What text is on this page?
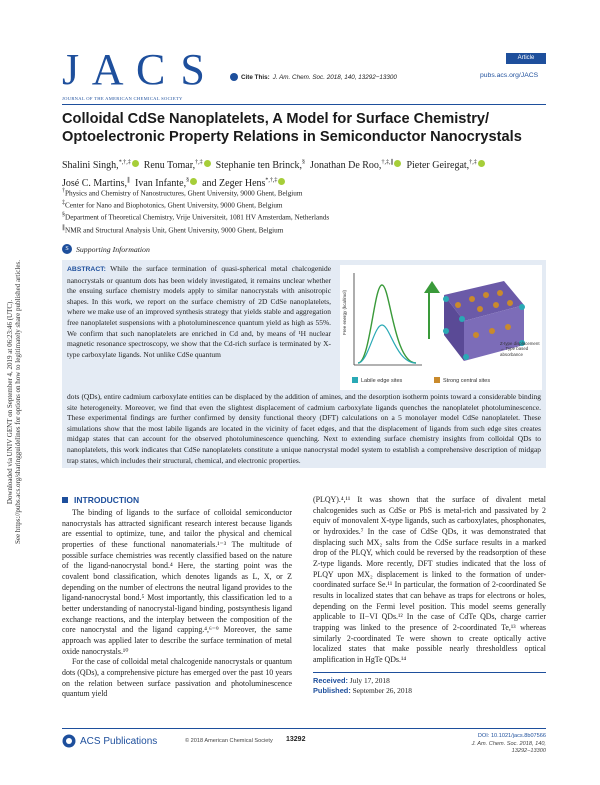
Downloaded via UNIV GENT on September 4, 2019 at 06:23:46 (UTC). See https://pubs.acs.org/sharingguidelines for options on how to legitimately share published articles.
J A C S
JOURNAL OF THE AMERICAN CHEMICAL SOCIETY
Cite This: J. Am. Chem. Soc. 2018, 140, 13292−13300
Article
pubs.acs.org/JACS
Colloidal CdSe Nanoplatelets, A Model for Surface Chemistry/ Optoelectronic Property Relations in Semiconductor Nanocrystals
Shalini Singh,*,†,‡ Renu Tomar,†,‡ Stephanie ten Brinck,§ Jonathan De Roo,†,‡,∥ Pieter Geiregat,†,‡
José C. Martins,∥ Ivan Infante,§ and Zeger Hens*,†,‡
†Physics and Chemistry of Nanostructures, Ghent University, 9000 Ghent, Belgium
‡Center for Nano and Biophotonics, Ghent University, 9000 Ghent, Belgium
§Department of Theoretical Chemistry, Vrije Universiteit, 1081 HV Amsterdam, Netherlands
∥NMR and Structural Analysis Unit, Ghent University, 9000 Ghent, Belgium
S Supporting Information
ABSTRACT: While the surface termination of quasi-spherical metal chalcogenide nanocrystals or quantum dots has been widely investigated, it remains unclear whether the ensuing surface chemistry models apply to similar nanocrystals with anisotropic shapes. In this work, we report on the surface chemistry of 2D CdSe nanoplatelets, where we make use of an improved synthesis strategy that yields stable and aggregation free nanoplatelet suspensions with a photoluminescence quantum yield as high as 55%. We confirm that such nanoplatelets are enriched in Cd and, by means of ¹H nuclear magnetic resonance spectroscopy, we show that the Cd-rich surface is terminated by X-type carboxylate ligands. Not unlike CdSe quantum
dots (QDs), entire cadmium carboxylate entities can be displaced by the addition of amines, and the desorption isotherm points toward a considerable binding site heterogeneity. Moreover, we find that even the slightest displacement of cadmium carboxylate ligands quenches the nanoplatelet photoluminescence. These experimental findings are further confirmed by density functional theory (DFT) calculations on a 5 monolayer model CdSe nanoplatelet. These simulations show that the most labile ligands are located in the vicinity of facet edges, and that the displacement of ligands from such edge sites creates midgap states that can account for the observed photoluminescence quenching. Next to extending surface chemistry insights from colloidal QDs to nanoplatelets, this work indicates that CdSe nanoplatelets constitute a unique nanocrystal model system to establish a comprehensive description of midgap trap states, which includes their structural, chemical, and electronic properties.
Free energy (kcal/mol)
Z-type displacement → Type based absorbance
Labile edge sites	Strong central sites
INTRODUCTION

The binding of ligands to the surface of colloidal semiconductor nanocrystals has attracted significant research interest because ligands are essential to optimize, tune, and tailor the physical and chemical properties of these functional nanomaterials.¹⁻³ The multitude of possible surface chemistries was recently classified based on the nature of the ligand-nanocrystal bond.⁴ Here, the starting point was the covalent bond classification, which denotes ligands as L, X, or Z depending on the number of electrons the neutral ligand provides to the ligand-nanocrystal bond.⁵ Most importantly, this classification led to a better understanding of nanocrystal-ligand binding, postsynthesis ligand exchange reactions, and the interplay between the composition of the core nanocrystal and the ligand capping.⁴,⁶⁻⁹ Moreover, the same approach was applied later to describe the surface termination of metal oxide nanocrystals.¹⁰

For the case of colloidal metal chalcogenide nanocrystals or quantum dots (QDs), a comprehensive picture has emerged over the past 10 years on the relation between surface passivation and photoluminescence quantum yield

(PLQY).⁴,¹¹ It was shown that the surface of divalent metal chalcogenides such as CdSe or PbS is metal-rich and passivated by 2 equiv of monovalent X-type ligands, such as carboxylates, phosphonates, or hydroxides.⁷ In the case of CdSe QDs, it was demonstrated that displacing such MX₂ salts from the CdSe surface results in a marked drop of the PLQY, which could be reversed by the readsorption of these Z-type ligands. More recently, DFT studies indicated that the loss of PLQY upon MX₂ displacement is linked to the formation of under-coordinated surface Se.¹¹ In particular, the formation of 2-coordinated Se results in localized states that can behave as traps for electrons or holes, depending on the Fermi level position. This model seems generally applicable to II−VI QDs.¹² In the case of CdTe QDs, charge carrier trapping was linked to the presence of 2-coordinated Te,¹³ whereas similarly 2-coordinated Te were shown to create optically active localized states that make possible nearly thresholdless optical amplification in HgTe QDs.¹⁴

Received: July 17, 2018
Published: September 26, 2018
ACS Publications	© 2018 American Chemical Society 13292	DOI: 10.1021/jacs.8b07566
J. Am. Chem. Soc. 2018, 140, 13292−13300
